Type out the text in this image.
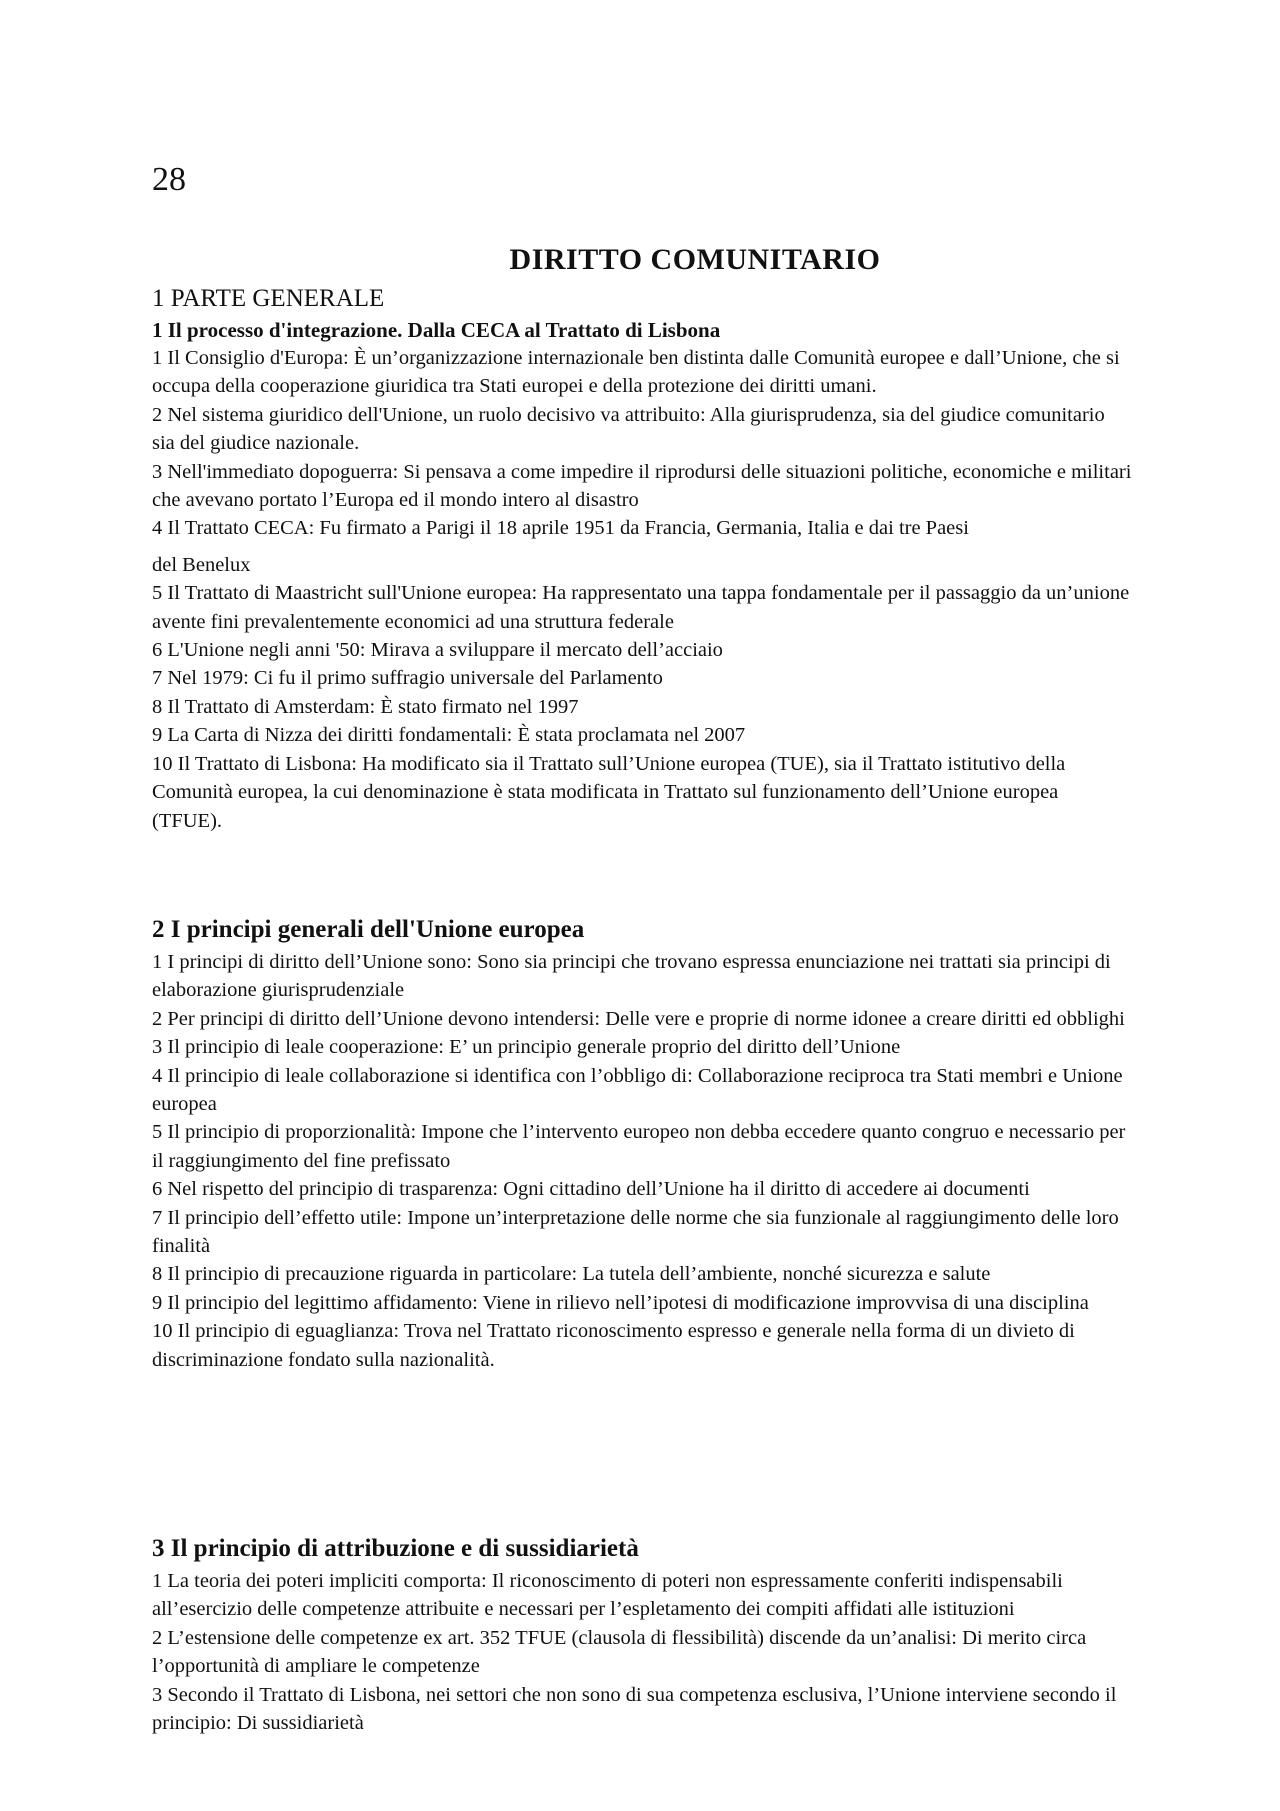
28
DIRITTO COMUNITARIO
1 PARTE GENERALE

1 Il processo d'integrazione. Dalla CECA al Trattato di Lisbona

1 Il Consiglio d'Europa: È un’organizzazione internazionale ben distinta dalle Comunità europee e dall’Unione, che si occupa della cooperazione giuridica tra Stati europei e della protezione dei diritti umani.

2 Nel sistema giuridico dell'Unione, un ruolo decisivo va attribuito: Alla giurisprudenza, sia del giudice comunitario sia del giudice nazionale.

3 Nell'immediato dopoguerra: Si pensava a come impedire il riprodursi delle situazioni politiche, economiche e militari che avevano portato l’Europa ed il mondo intero al disastro

4 Il Trattato CECA: Fu firmato a Parigi il 18 aprile 1951 da Francia, Germania, Italia e dai tre Paesi

del Benelux

5 Il Trattato di Maastricht sull'Unione europea: Ha rappresentato una tappa fondamentale per il passaggio da un’unione avente fini prevalentemente economici ad una struttura federale

6 L'Unione negli anni '50: Mirava a sviluppare il mercato dell’acciaio

7 Nel 1979: Ci fu il primo suffragio universale del Parlamento

8 Il Trattato di Amsterdam: È stato firmato nel 1997

9 La Carta di Nizza dei diritti fondamentali: È stata proclamata nel 2007

10 Il Trattato di Lisbona: Ha modificato sia il Trattato sull’Unione europea (TUE), sia il Trattato istitutivo della Comunità europea, la cui denominazione è stata modificata in Trattato sul funzionamento dell’Unione europea (TFUE).

2 I principi generali dell'Unione europea

1 I principi di diritto dell’Unione sono: Sono sia principi che trovano espressa enunciazione nei trattati sia principi di elaborazione giurisprudenziale

2 Per principi di diritto dell’Unione devono intendersi: Delle vere e proprie di norme idonee a creare diritti ed obblighi

3 Il principio di leale cooperazione: E’ un principio generale proprio del diritto dell’Unione

4 Il principio di leale collaborazione si identifica con l’obbligo di: Collaborazione reciproca tra Stati membri e Unione europea

5 Il principio di proporzionalità: Impone che l’intervento europeo non debba eccedere quanto congruo e necessario per il raggiungimento del fine prefissato

6 Nel rispetto del principio di trasparenza: Ogni cittadino dell’Unione ha il diritto di accedere ai documenti

7 Il principio dell’effetto utile: Impone un’interpretazione delle norme che sia funzionale al raggiungimento delle loro finalità

8 Il principio di precauzione riguarda in particolare: La tutela dell’ambiente, nonché sicurezza e salute

9 Il principio del legittimo affidamento: Viene in rilievo nell’ipotesi di modificazione improvvisa di una disciplina

10 Il principio di eguaglianza: Trova nel Trattato riconoscimento espresso e generale nella forma di un divieto di discriminazione fondato sulla nazionalità.

3 Il principio di attribuzione e di sussidiarietà

1 La teoria dei poteri impliciti comporta: Il riconoscimento di poteri non espressamente conferiti indispensabili all’esercizio delle competenze attribuite e necessari per l’espletamento dei compiti affidati alle istituzioni

2 L’estensione delle competenze ex art. 352 TFUE (clausola di flessibilità) discende da un’analisi: Di merito circa l’opportunità di ampliare le competenze

3 Secondo il Trattato di Lisbona, nei settori che non sono di sua competenza esclusiva, l’Unione interviene secondo il principio: Di sussidiarietà
